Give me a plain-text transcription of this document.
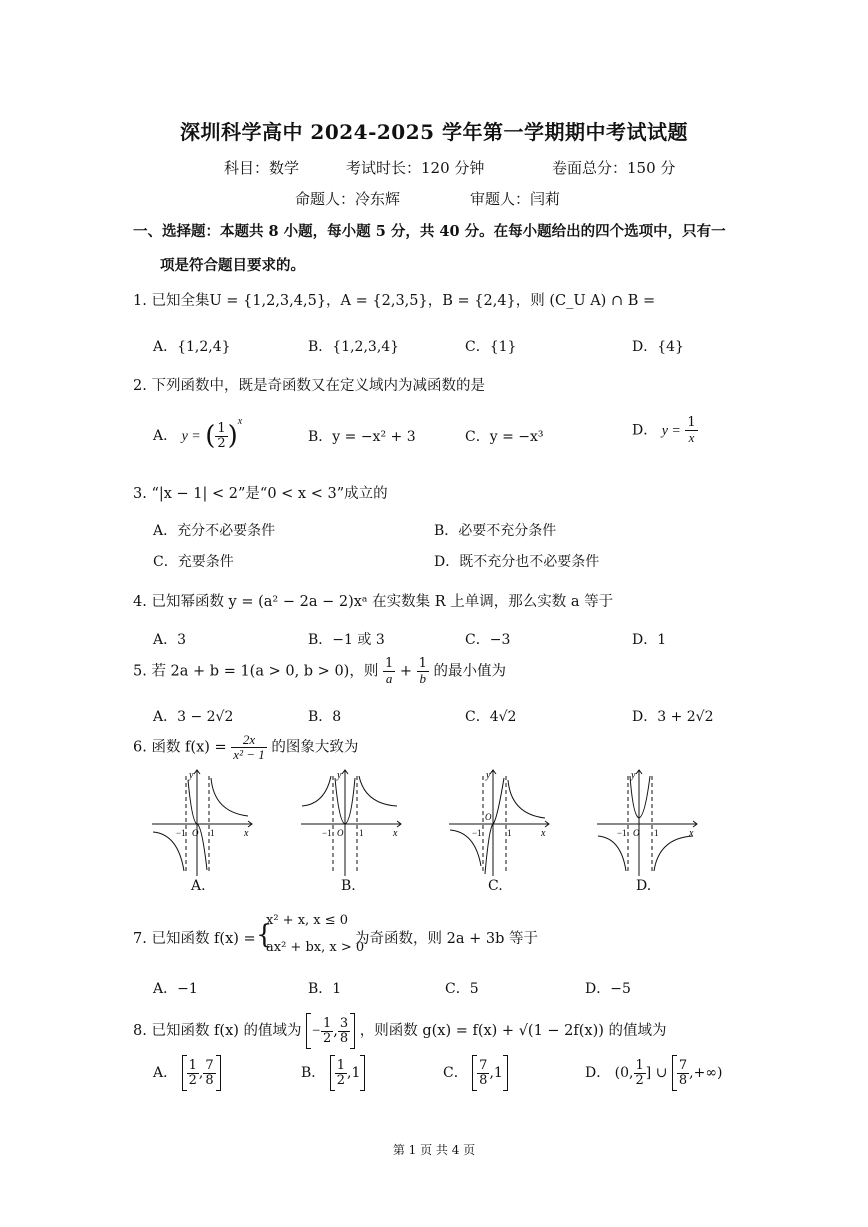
深圳科学高中 2024-2025 学年第一学期期中考试试题
科目：数学	考试时长：120 分钟	卷面总分：150 分
命题人：冷东辉	审题人：闫莉
一、选择题：本题共 8 小题，每小题 5 分，共 40 分。在每小题给出的四个选项中，只有一
项是符合题目要求的。
1. 已知全集U = {1,2,3,4,5}，A = {2,3,5}，B = {2,4}，则 (C_U A) ∩ B =
A．{1,2,4}	B．{1,2,3,4}	C．{1}	D．{4}
2. 下列函数中，既是奇函数又在定义域内为减函数的是
A． y = ( $\frac{1}{2} )^x$
B．y = −x² + 3	C．y = −x³	D． $y = \frac{1}{x}$
3. “|x − 1| < 2”是“0 < x < 3”成立的
A．充分不必要条件	B．必要不充分条件
C．充要条件	D．既不充分也不必要条件
4. 已知幂函数 y = (a² − 2a − 2)xᵃ 在实数集 R 上单调，那么实数 a 等于
A．3	B．−1 或 3	C．−3	D．1
5. 若 2a + b = 1(a > 0, b > 0)，则 $\frac{1}{a} + \frac{1}{b}$ 的最小值为
A．3 − 2√2	B．8	C．4√2	D．3 + 2√2
6. 函数 $f(x) = \frac{2x}{\text{x² − 1}}$ 的图象大致为
−1 O 1	x
y
A.
−1 O 1	x
y
B.
−1
O
1	x
y
C.
−1 O 1	x
y
D.
7. 已知函数 f(x) = {
x² + x, x ≤ 0
ax² + bx, x > 0
为奇函数，则 2a + 3b 等于
A．−1	B．1	C．5	D．−5
8. 已知函数 f(x) 的值域为 − $\frac{1}{2}$ , $\frac{3}{8}$ ，则函数 g(x) = f(x) + √(1 − 2f(x)) 的值域为
A． $\frac{1}{2}$ , $\frac{7}{8}$	B． $\frac{1}{2} ,1$	C． $\frac{7}{8} ,1$	D． (0, $\frac{1}{2}$ ] ∪ $\frac{7}{8}$ ,+∞)
第 1 页 共 4 页
